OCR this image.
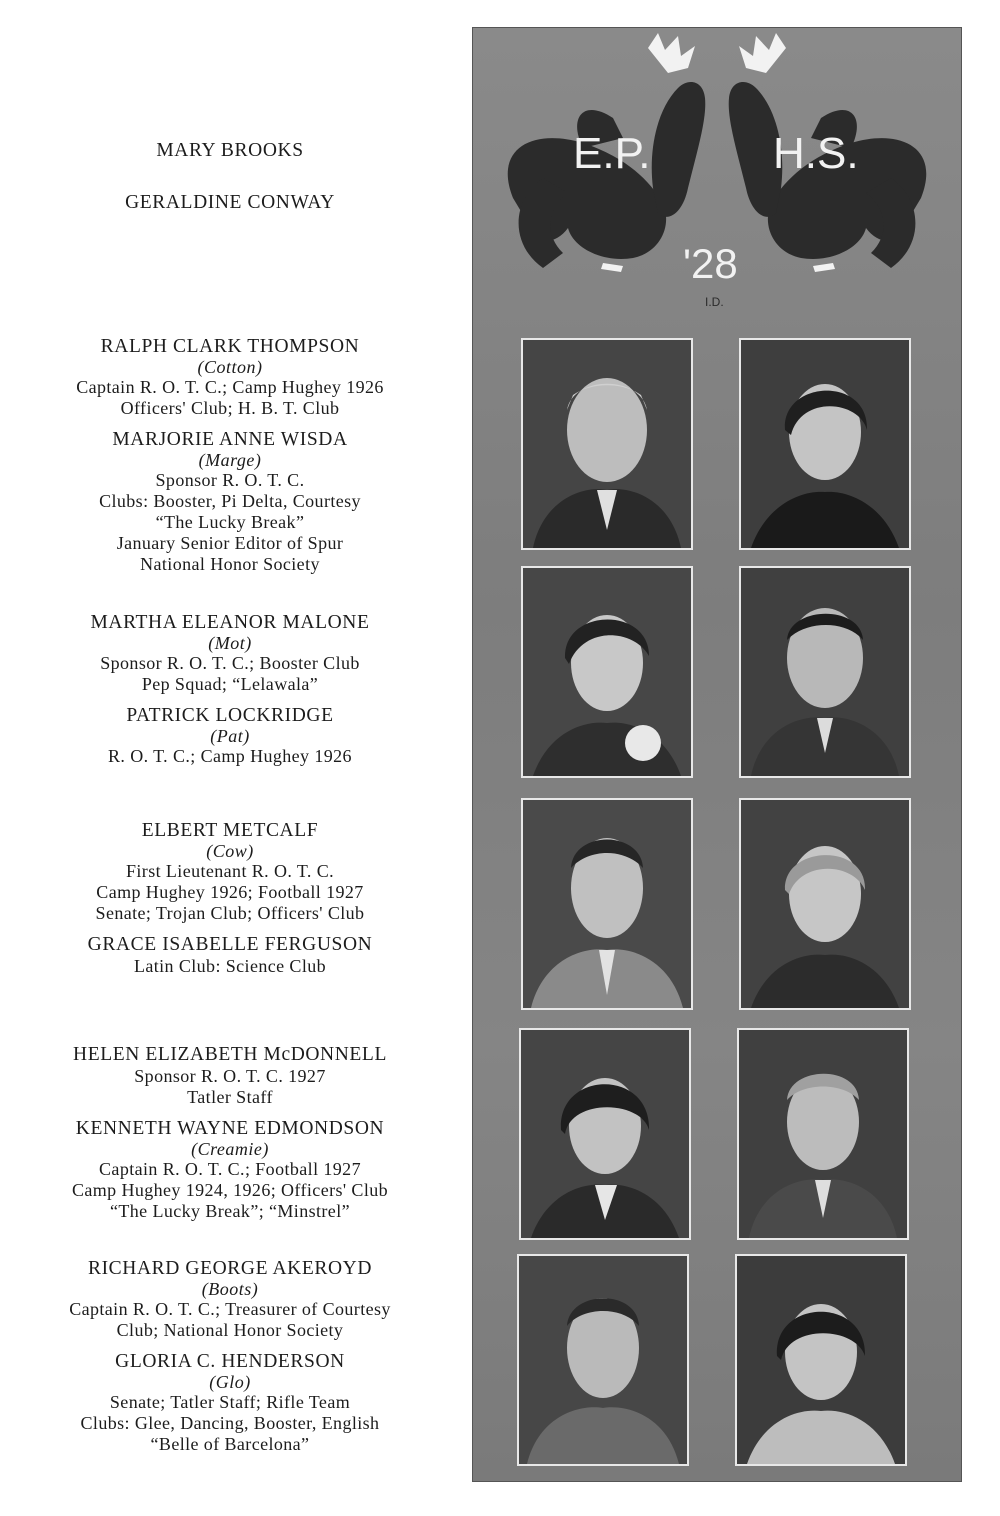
MARY BROOKS
GERALDINE CONWAY
RALPH CLARK THOMPSON
(Cotton)
Captain R. O. T. C.; Camp Hughey 1926
Officers' Club; H. B. T. Club
MARJORIE ANNE WISDA
(Marge)
Sponsor R. O. T. C.
Clubs: Booster, Pi Delta, Courtesy
“The Lucky Break”
January Senior Editor of Spur
National Honor Society
MARTHA ELEANOR MALONE
(Mot)
Sponsor R. O. T. C.; Booster Club
Pep Squad; “Lelawala”
PATRICK LOCKRIDGE
(Pat)
R. O. T. C.; Camp Hughey 1926
ELBERT METCALF
(Cow)
First Lieutenant R. O. T. C.
Camp Hughey 1926; Football 1927
Senate; Trojan Club; Officers' Club
GRACE ISABELLE FERGUSON
Latin Club: Science Club
HELEN ELIZABETH McDONNELL
Sponsor R. O. T. C. 1927
Tatler Staff
KENNETH WAYNE EDMONDSON
(Creamie)
Captain R. O. T. C.; Football 1927
Camp Hughey 1924, 1926; Officers' Club
“The Lucky Break”; “Minstrel”
RICHARD GEORGE AKEROYD
(Boots)
Captain R. O. T. C.; Treasurer of Courtesy
Club; National Honor Society
GLORIA C. HENDERSON
(Glo)
Senate; Tatler Staff; Rifle Team
Clubs: Glee, Dancing, Booster, English
“Belle of Barcelona”
E.P.	H.S.
'28
I.D.
